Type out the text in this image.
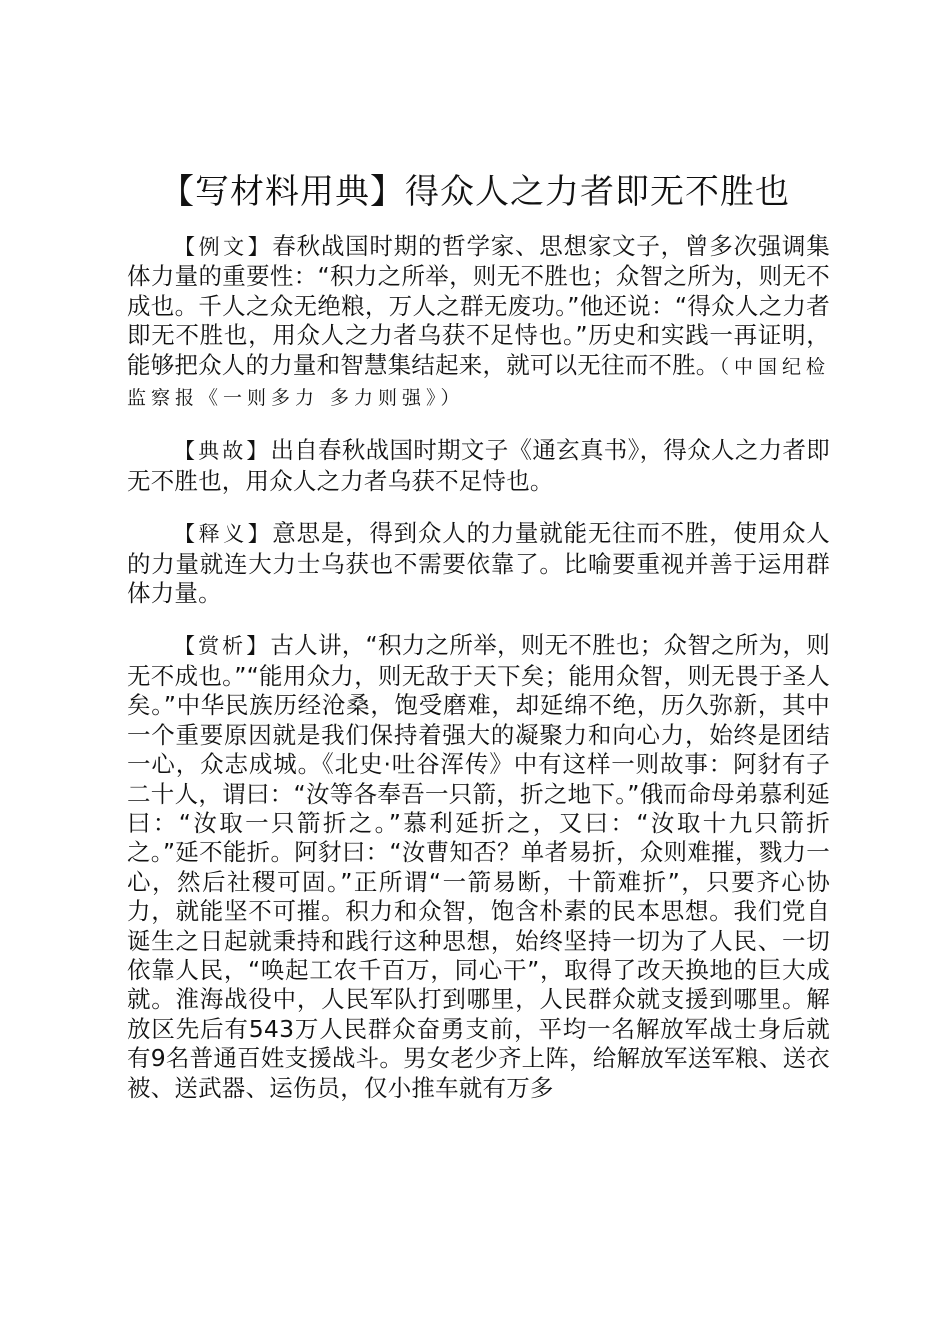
【写材料用典】得众人之力者即无不胜也

【例文】春秋战国时期的哲学家、思想家文子，曾多次强调集体力量的重要性：“积力之所举，则无不胜也；众智之所为，则无不成也。千人之众无绝粮，万人之群无废功。”他还说：“得众人之力者即无不胜也，用众人之力者乌获不足恃也。”历史和实践一再证明，能够把众人的力量和智慧集结起来，就可以无往而不胜。（中国纪检监察报《一则多力 多力则强》）

【典故】出自春秋战国时期文子《通玄真书》，得众人之力者即无不胜也，用众人之力者乌获不足恃也。

【释义】意思是，得到众人的力量就能无往而不胜，使用众人的力量就连大力士乌获也不需要依靠了。比喻要重视并善于运用群体力量。

【赏析】古人讲，“积力之所举，则无不胜也；众智之所为，则无不成也。”“能用众力，则无敌于天下矣；能用众智，则无畏于圣人矣。”中华民族历经沧桑，饱受磨难，却延绵不绝，历久弥新，其中一个重要原因就是我们保持着强大的凝聚力和向心力，始终是团结一心，众志成城。《北史·吐谷浑传》中有这样一则故事：阿豺有子二十人，谓曰：“汝等各奉吾一只箭，折之地下。”俄而命母弟慕利延曰：“汝取一只箭折之。”慕利延折之，又曰：“汝取十九只箭折之。”延不能折。阿豺曰：“汝曹知否？单者易折，众则难摧，戮力一心，然后社稷可固。”正所谓“一箭易断，十箭难折”，只要齐心协力，就能坚不可摧。积力和众智，饱含朴素的民本思想。我们党自诞生之日起就秉持和践行这种思想，始终坚持一切为了人民、一切依靠人民，“唤起工农千百万，同心干”，取得了改天换地的巨大成就。淮海战役中，人民军队打到哪里，人民群众就支援到哪里。解放区先后有543万人民群众奋勇支前，平均一名解放军战士身后就有9名普通百姓支援战斗。男女老少齐上阵，给解放军送军粮、送衣被、送武器、运伤员，仅小推车就有万多
